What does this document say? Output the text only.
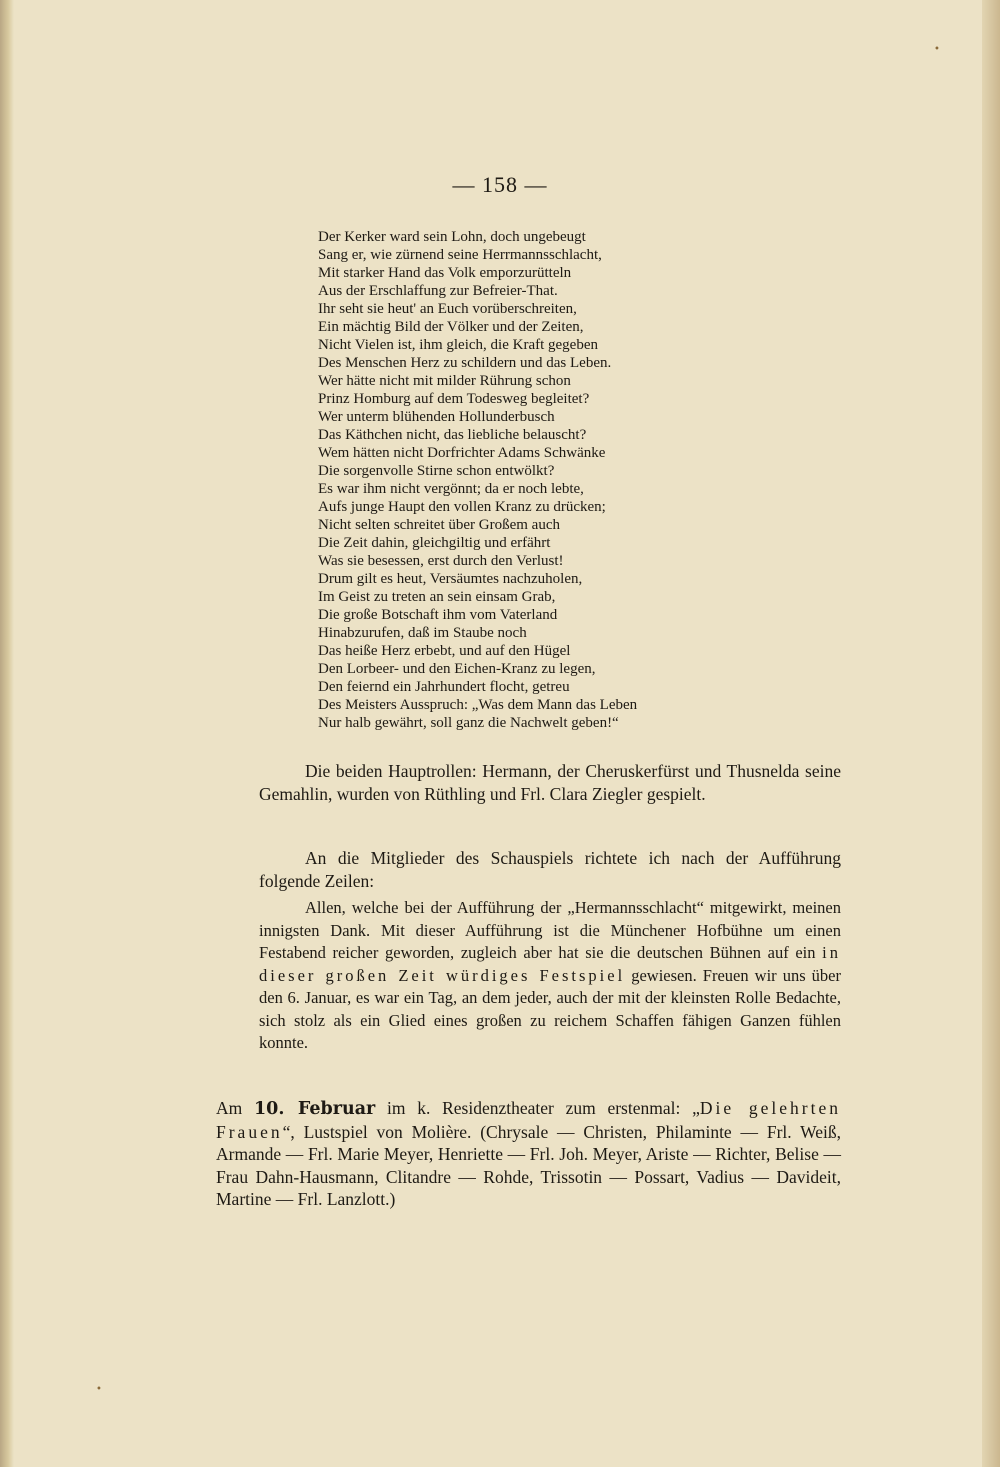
— 158 —
Der Kerker ward sein Lohn, doch ungebeugt
Sang er, wie zürnend seine Herrmannsschlacht,
Mit starker Hand das Volk emporzurütteln
Aus der Erschlaffung zur Befreier-That.
Ihr seht sie heut' an Euch vorüberschreiten,
Ein mächtig Bild der Völker und der Zeiten,
Nicht Vielen ist, ihm gleich, die Kraft gegeben
Des Menschen Herz zu schildern und das Leben.
Wer hätte nicht mit milder Rührung schon
Prinz Homburg auf dem Todesweg begleitet?
Wer unterm blühenden Hollunderbusch
Das Käthchen nicht, das liebliche belauscht?
Wem hätten nicht Dorfrichter Adams Schwänke
Die sorgenvolle Stirne schon entwölkt?
Es war ihm nicht vergönnt; da er noch lebte,
Aufs junge Haupt den vollen Kranz zu drücken;
Nicht selten schreitet über Großem auch
Die Zeit dahin, gleichgiltig und erfährt
Was sie besessen, erst durch den Verlust!
Drum gilt es heut, Versäumtes nachzuholen,
Im Geist zu treten an sein einsam Grab,
Die große Botschaft ihm vom Vaterland
Hinabzurufen, daß im Staube noch
Das heiße Herz erbebt, und auf den Hügel
Den Lorbeer- und den Eichen-Kranz zu legen,
Den feiernd ein Jahrhundert flocht, getreu
Des Meisters Ausspruch: „Was dem Mann das Leben
Nur halb gewährt, soll ganz die Nachwelt geben!“
Die beiden Hauptrollen: Hermann, der Cheruskerfürst und Thusnelda seine Gemahlin, wurden von Rüthling und Frl. Clara Ziegler gespielt.
An die Mitglieder des Schauspiels richtete ich nach der Aufführung folgende Zeilen:
Allen, welche bei der Aufführung der „Hermannsschlacht“ mitgewirkt, meinen innigsten Dank. Mit dieser Aufführung ist die Münchener Hofbühne um einen Festabend reicher geworden, zugleich aber hat sie die deutschen Bühnen auf ein in dieser großen Zeit würdiges Festspiel gewiesen. Freuen wir uns über den 6. Januar, es war ein Tag, an dem jeder, auch der mit der kleinsten Rolle Bedachte, sich stolz als ein Glied eines großen zu reichem Schaffen fähigen Ganzen fühlen konnte.
Am 10. Februar im k. Residenztheater zum erstenmal: „Die gelehrten Frauen“, Lustspiel von Molière. (Chrysale — Christen, Philaminte — Frl. Weiß, Armande — Frl. Marie Meyer, Henriette — Frl. Joh. Meyer, Ariste — Richter, Belise — Frau Dahn-Hausmann, Clitandre — Rohde, Trissotin — Possart, Vadius — Davideit, Martine — Frl. Lanzlott.)
•
•
